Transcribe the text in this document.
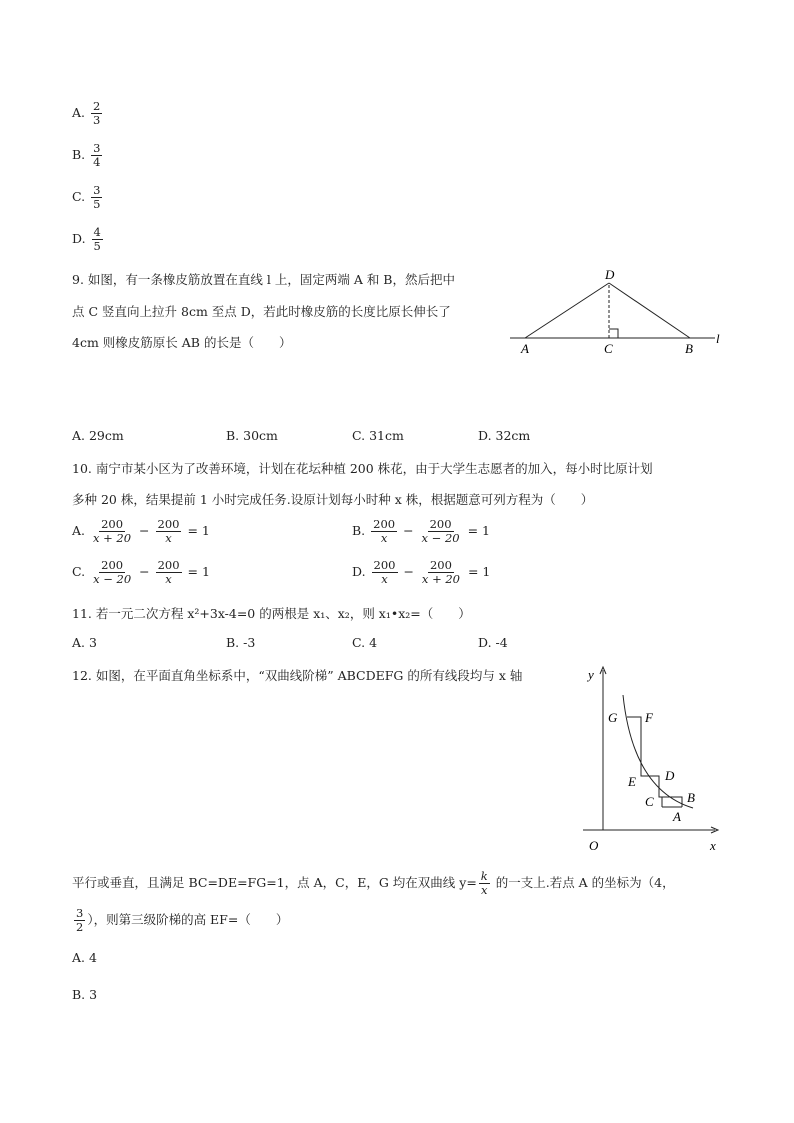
A. $\frac{2}{3}$
B. $\frac{3}{4}$
C. $\frac{3}{5}$
D. $\frac{4}{5}$
9. 如图，有一条橡皮筋放置在直线 l 上，固定两端 A 和 B，然后把中
点 C 竖直向上拉升 8cm 至点 D，若此时橡皮筋的长度比原长伸长了
4cm 则橡皮筋原长 AB 的长是（　　）
D
A	C	B
l
A. 29cm	B. 30cm	C. 31cm	D. 32cm
10. 南宁市某小区为了改善环境，计划在花坛种植 200 株花，由于大学生志愿者的加入，每小时比原计划
多种 20 株，结果提前 1 小时完成任务.设原计划每小时种 x 株，根据题意可列方程为（　　）
A. $\frac{200}{x + 20} - \frac{200}{x} = 1$	B. $\frac{200}{x} - \frac{200}{x - 20} = 1$
C. $\frac{200}{x - 20} - \frac{200}{x} = 1$	D. $\frac{200}{x} - \frac{200}{x + 20} = 1$
11. 若一元二次方程 x²+3x-4=0 的两根是 x₁、x₂，则 x₁•x₂=（　　）
A. 3	B. -3	C. 4	D. -4
12. 如图，在平面直角坐标系中，“双曲线阶梯” ABCDEFG 的所有线段均与 x 轴	y
x
O
G F
E D
C	B
A
平行或垂直，且满足 BC=DE=FG=1，点 A，C，E，G 均在双曲线 $y= \frac{k}{x}$ 的一支上.若点 A 的坐标为（4，
$\frac{3}{2}$ ），则第三级阶梯的高 EF=（　　）
A. 4
B. 3
